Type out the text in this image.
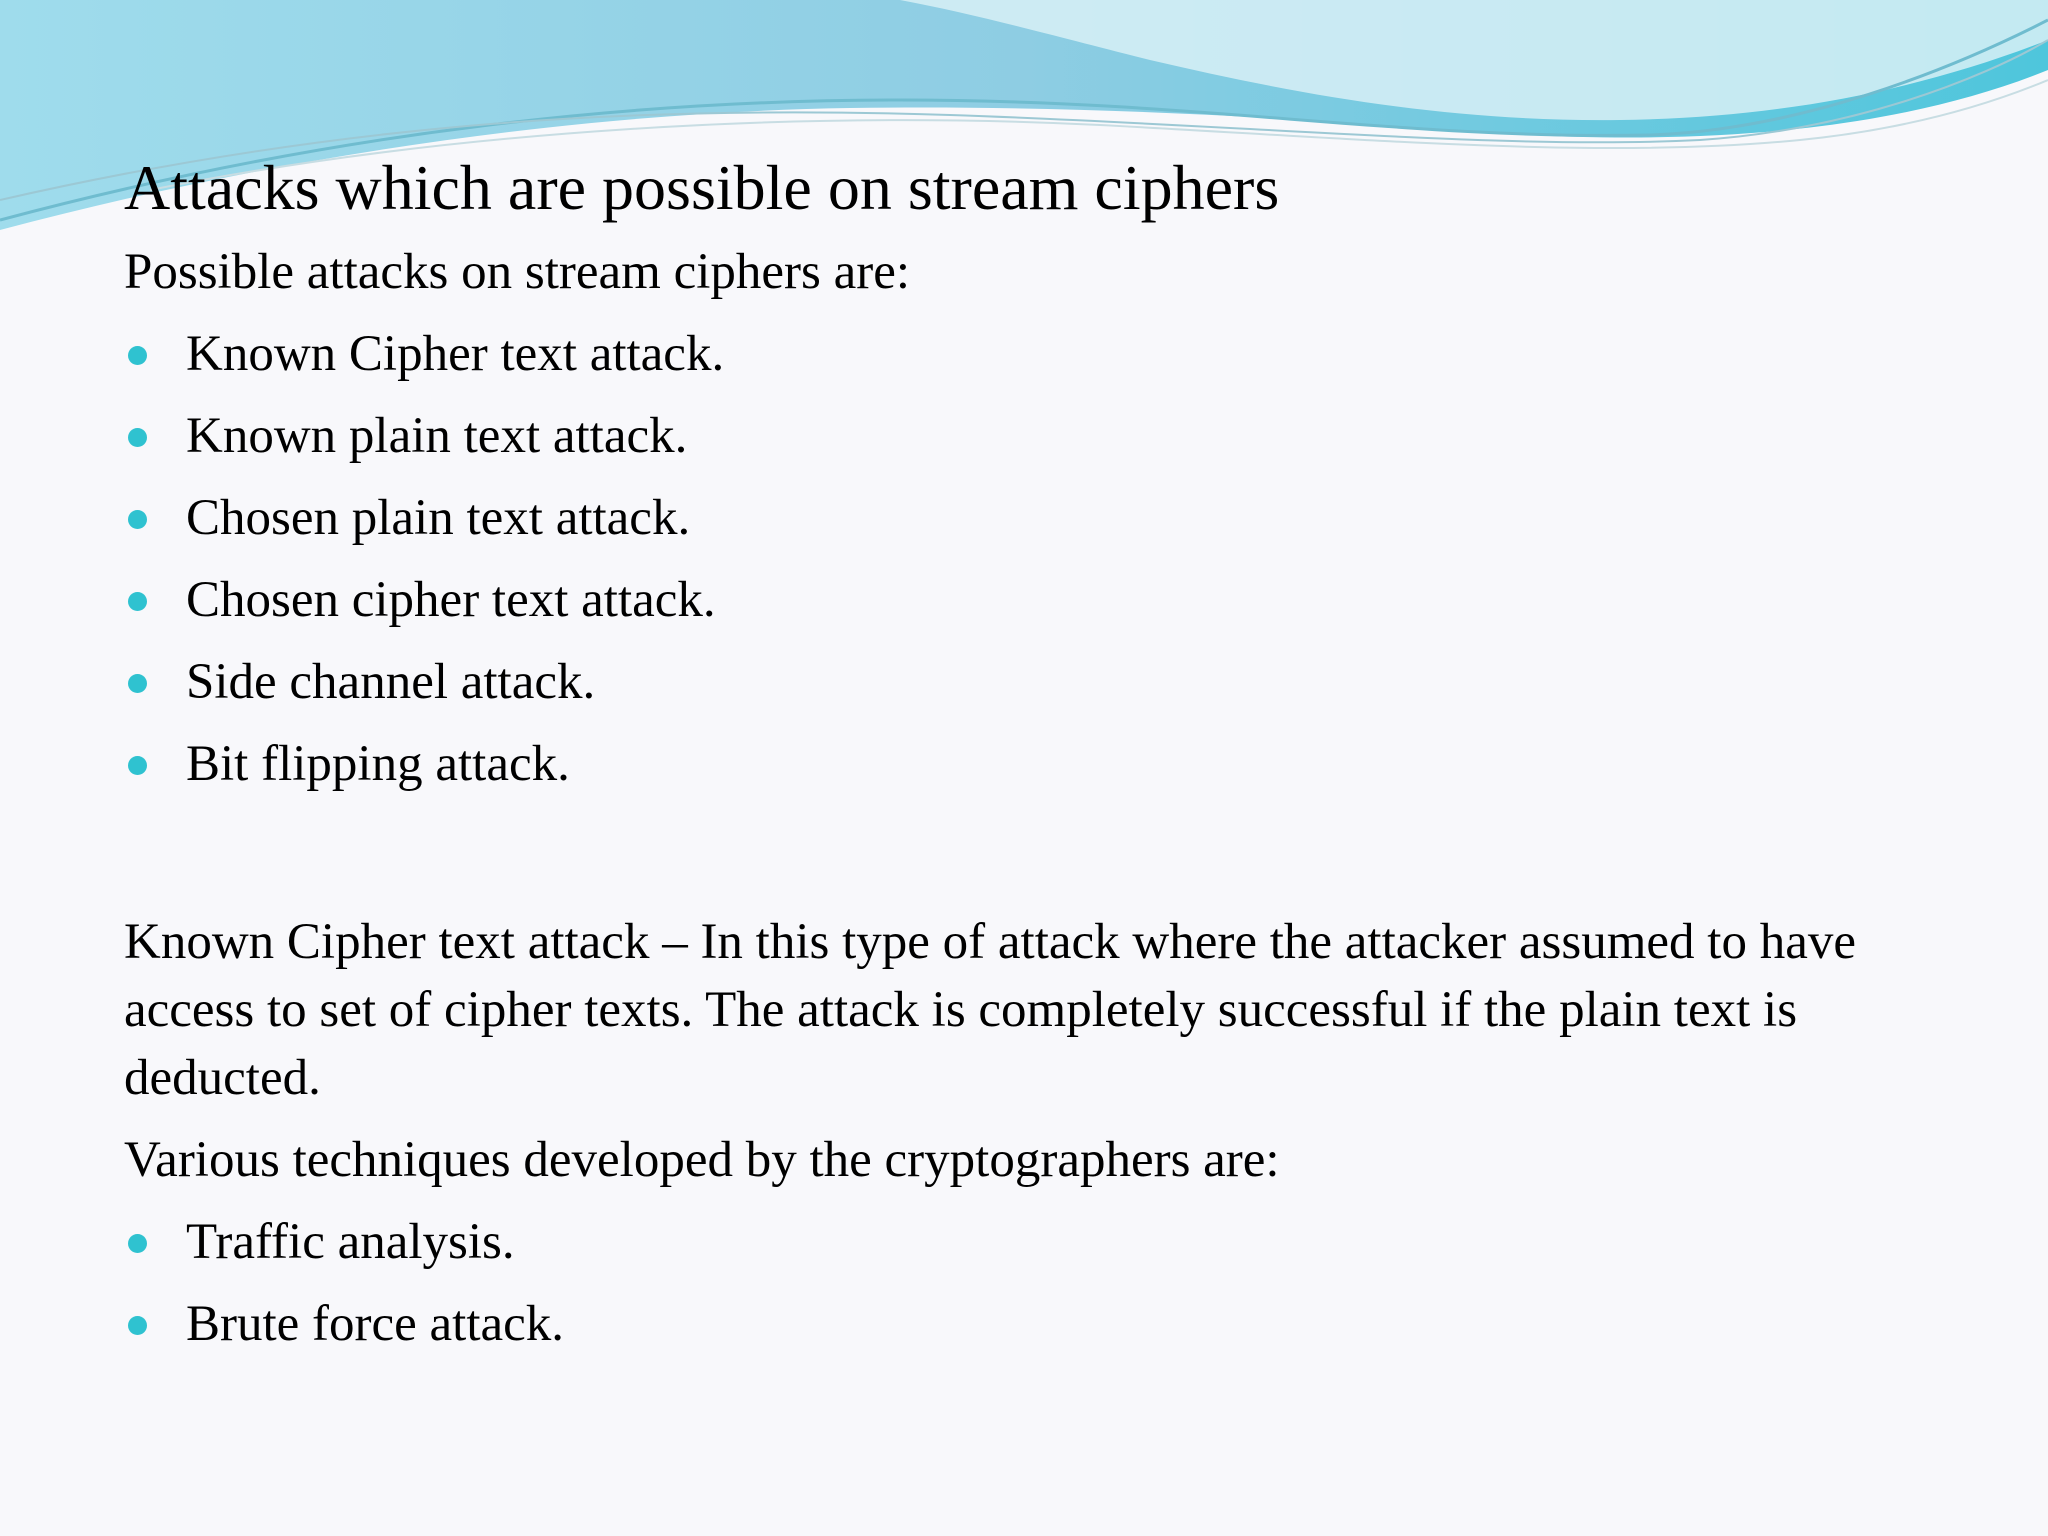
Attacks which are possible on stream ciphers

Possible attacks on stream ciphers are:

Known Cipher text attack.
Known plain text attack.
Chosen plain text attack.
Chosen cipher text attack.
Side channel attack.
Bit flipping attack.

Known Cipher text attack – In this type of attack where the attacker assumed to have access to set of cipher texts. The attack is completely successful if the plain text is deducted.

Various techniques developed by the cryptographers are:

Traffic analysis.
Brute force attack.
